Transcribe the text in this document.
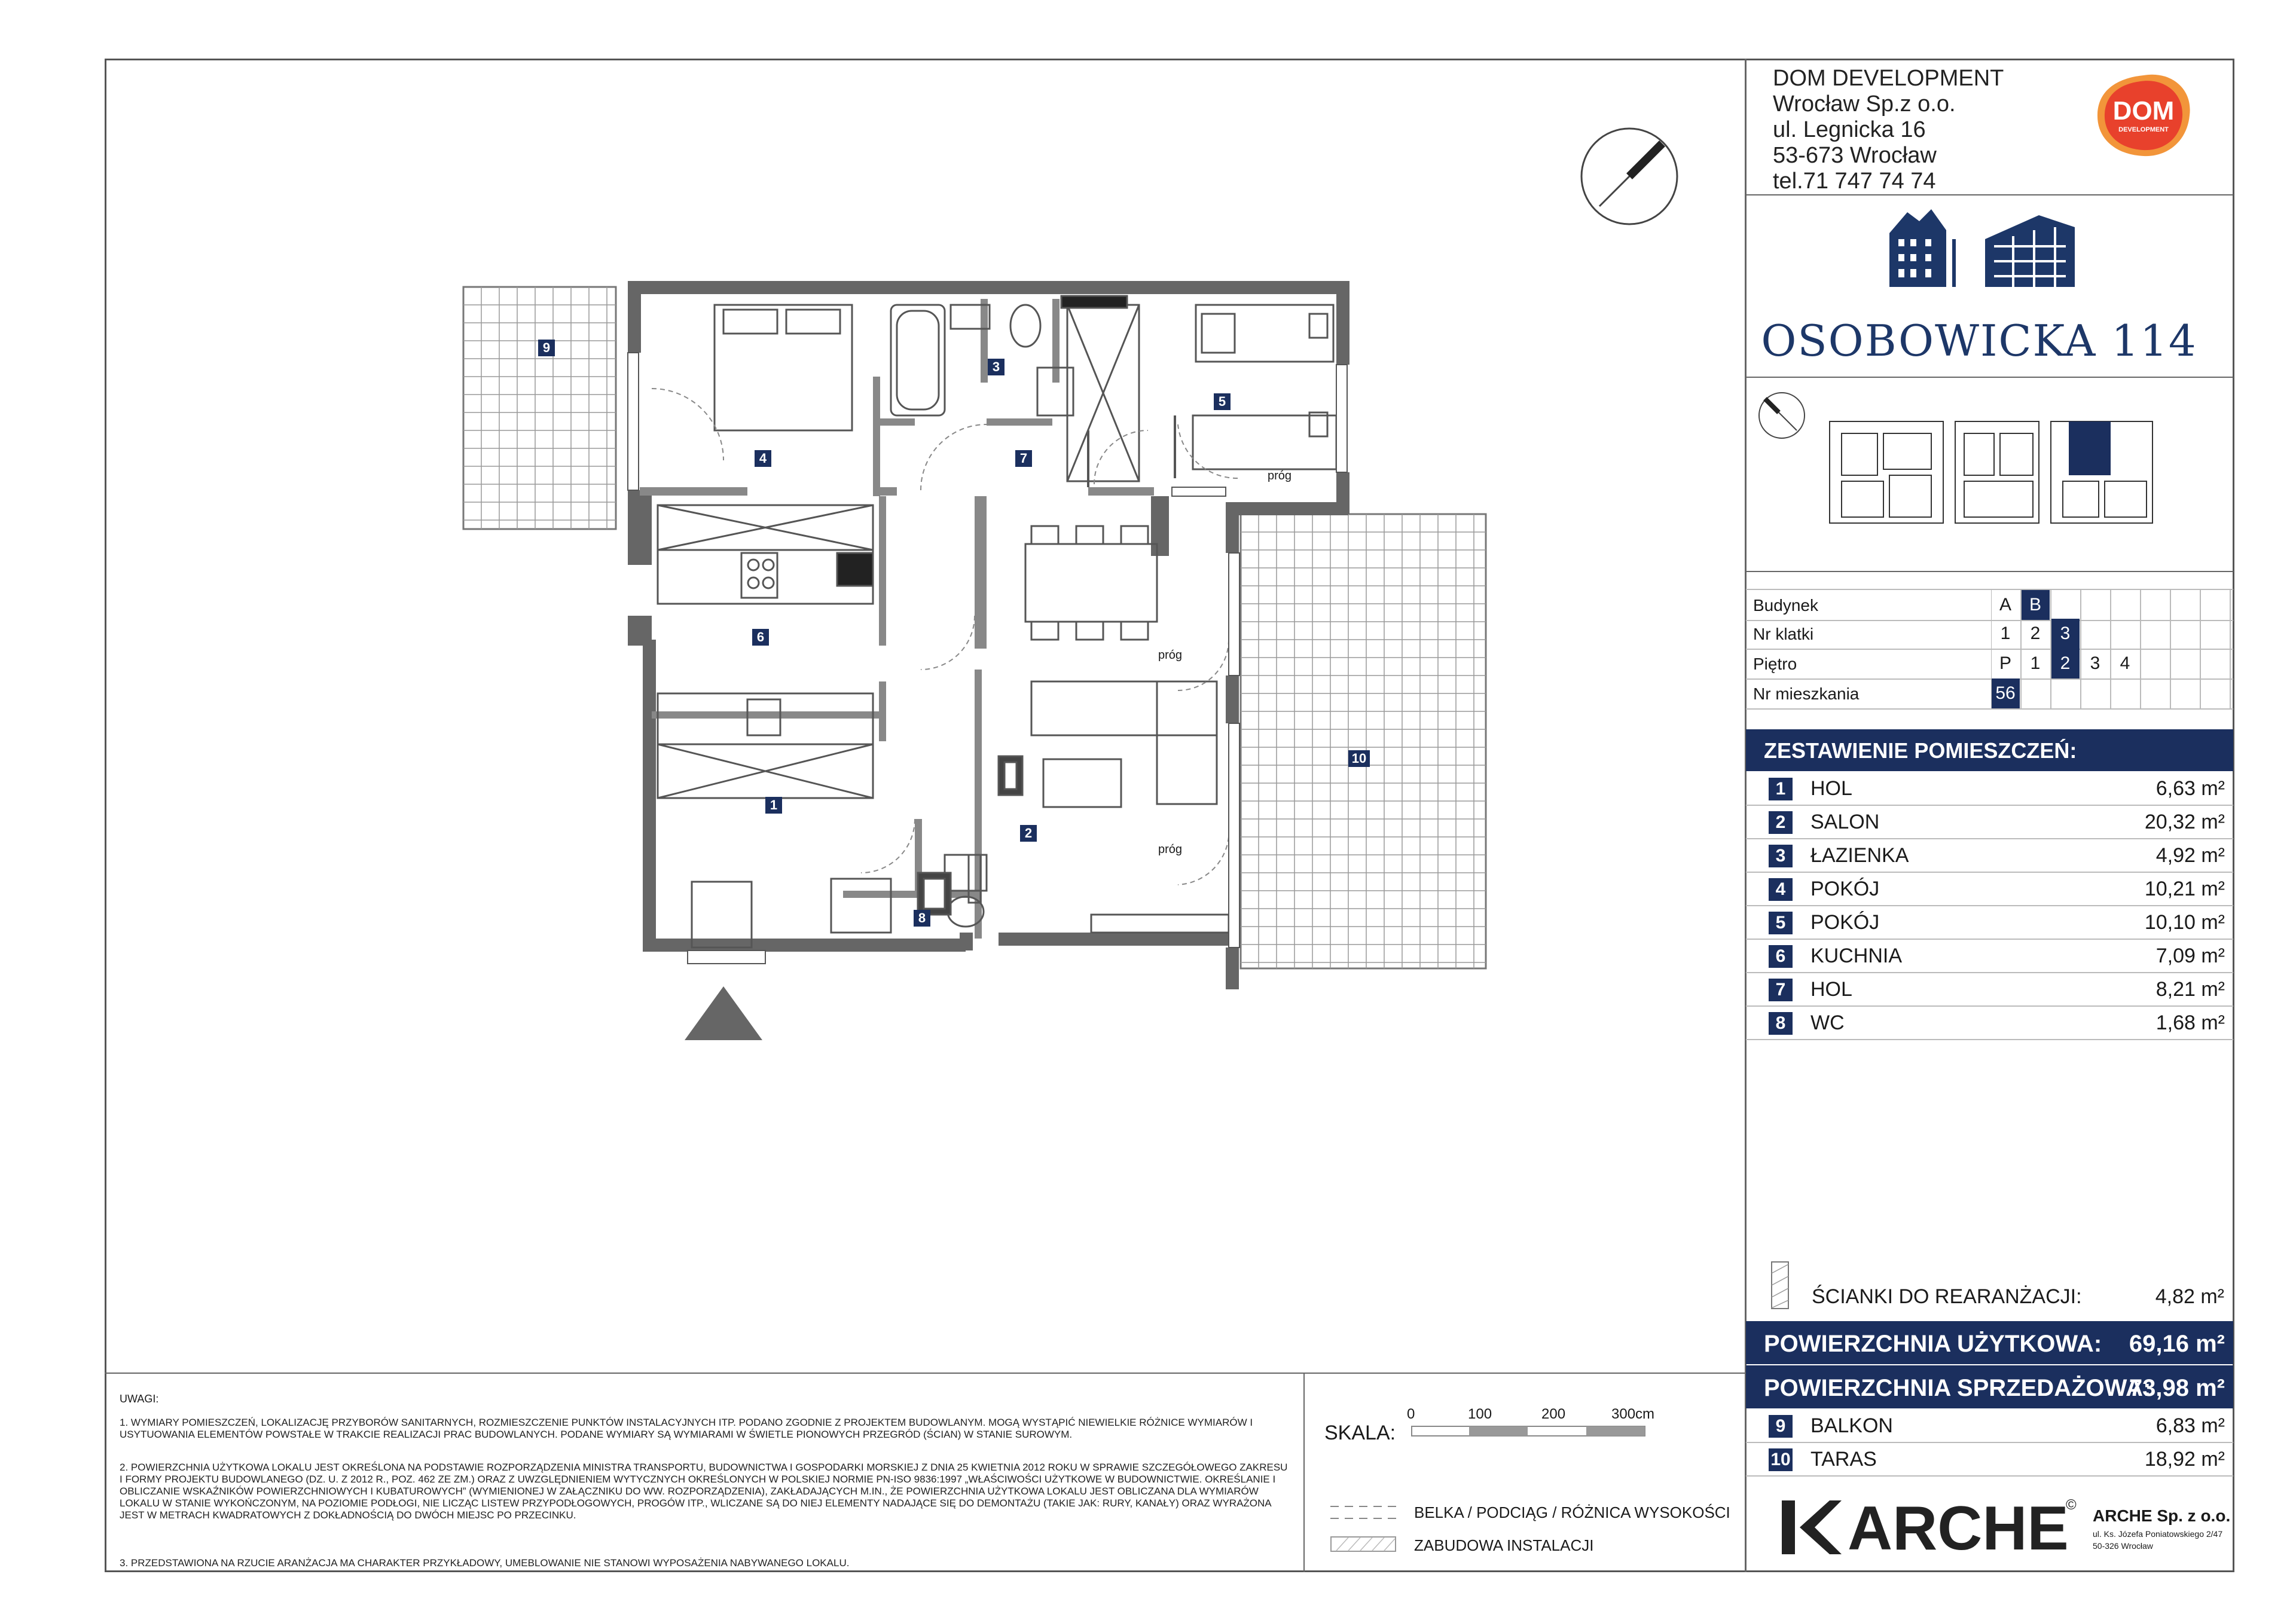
DOM DEVELOPMENT
Wrocław Sp.z o.o.
ul. Legnicka 16
53-673 Wrocław
tel.71 747 74 74
DOM
DEVELOPMENT
OSOBOWICKA 114
Budynek	A B
Nr klatki	1	2	3
Piętro	P	1	2	3	4
Nr mieszkania	56
ZESTAWIENIE POMIESZCZEŃ:
1	HOL	6,63 m²
2	SALON	20,32 m²
3	ŁAZIENKA	4,92 m²
4	POKÓJ	10,21 m²
5	POKÓJ	10,10 m²
6	KUCHNIA	7,09 m²
7	HOL	8,21 m²
8	WC	1,68 m²
ŚCIANKI DO REARANŻACJI:	4,82 m²
POWIERZCHNIA UŻYTKOWA: 69,16 m²
POWIERZCHNIA SPRZEDAŻOWA:
73,98 m²
9	BALKON	6,83 m²
10 TARAS	18,92 m²
ARCHE
©
ARCHE Sp. z o.o.
ul. Ks. Józefa Poniatowskiego 2/47
50-326 Wrocław
UWAGI:
1. WYMIARY POMIESZCZEŃ, LOKALIZACJĘ PRZYBORÓW SANITARNYCH, ROZMIESZCZENIE PUNKTÓW INSTALACYJNYCH ITP. PODANO ZGODNIE Z PROJEKTEM BUDOWLANYM. MOGĄ WYSTĄPIĆ NIEWIELKIE RÓŻNICE WYMIARÓW I USYTUOWANIA ELEMENTÓW POWSTAŁE W TRAKCIE REALIZACJI PRAC BUDOWLANYCH. PODANE WYMIARY SĄ WYMIARAMI W ŚWIETLE PIONOWYCH PRZEGRÓD (ŚCIAN) W STANIE SUROWYM.
2. POWIERZCHNIA UŻYTKOWA LOKALU JEST OKREŚLONA NA PODSTAWIE ROZPORZĄDZENIA MINISTRA TRANSPORTU, BUDOWNICTWA I GOSPODARKI MORSKIEJ Z DNIA 25 KWIETNIA 2012 ROKU W SPRAWIE SZCZEGÓŁOWEGO ZAKRESU I FORMY PROJEKTU BUDOWLANEGO (DZ. U. Z 2012 R., POZ. 462 ZE ZM.) ORAZ Z UWZGLĘDNIENIEM WYTYCZNYCH OKREŚLONYCH W POLSKIEJ NORMIE PN-ISO 9836:1997 „WŁAŚCIWOŚCI UŻYTKOWE W BUDOWNICTWIE. OKREŚLANIE I OBLICZANIE WSKAŹNIKÓW POWIERZCHNIOWYCH I KUBATUROWYCH” (WYMIENIONEJ W ZAŁĄCZNIKU DO WW. ROZPORZĄDZENIA), ZAKŁADAJĄCYCH M.IN., ŻE POWIERZCHNIA UŻYTKOWA LOKALU JEST OBLICZANA DLA WYMIARÓW LOKALU W STANIE WYKOŃCZONYM, NA POZIOMIE PODŁOGI, NIE LICZĄC LISTEW PRZYPODŁOGOWYCH, PROGÓW ITP., WLICZANE SĄ DO NIEJ ELEMENTY NADAJĄCE SIĘ DO DEMONTAŻU (TAKIE JAK: RURY, KANAŁY) ORAZ WYRAŻONA JEST W METRACH KWADRATOWYCH Z DOKŁADNOŚCIĄ DO DWÓCH MIEJSC PO PRZECINKU.
3. PRZEDSTAWIONA NA RZUCIE ARANŻACJA MA CHARAKTER PRZYKŁADOWY, UMEBLOWANIE NIE STANOWI WYPOSAŻENIA NABYWANEGO LOKALU.
SKALA:
0	100	200	300cm
BELKA / PODCIĄG / RÓŻNICA WYSOKOŚCI
ZABUDOWA INSTALACJI
9
4
3
7
5
6
10
1
2
8
próg
próg
próg
